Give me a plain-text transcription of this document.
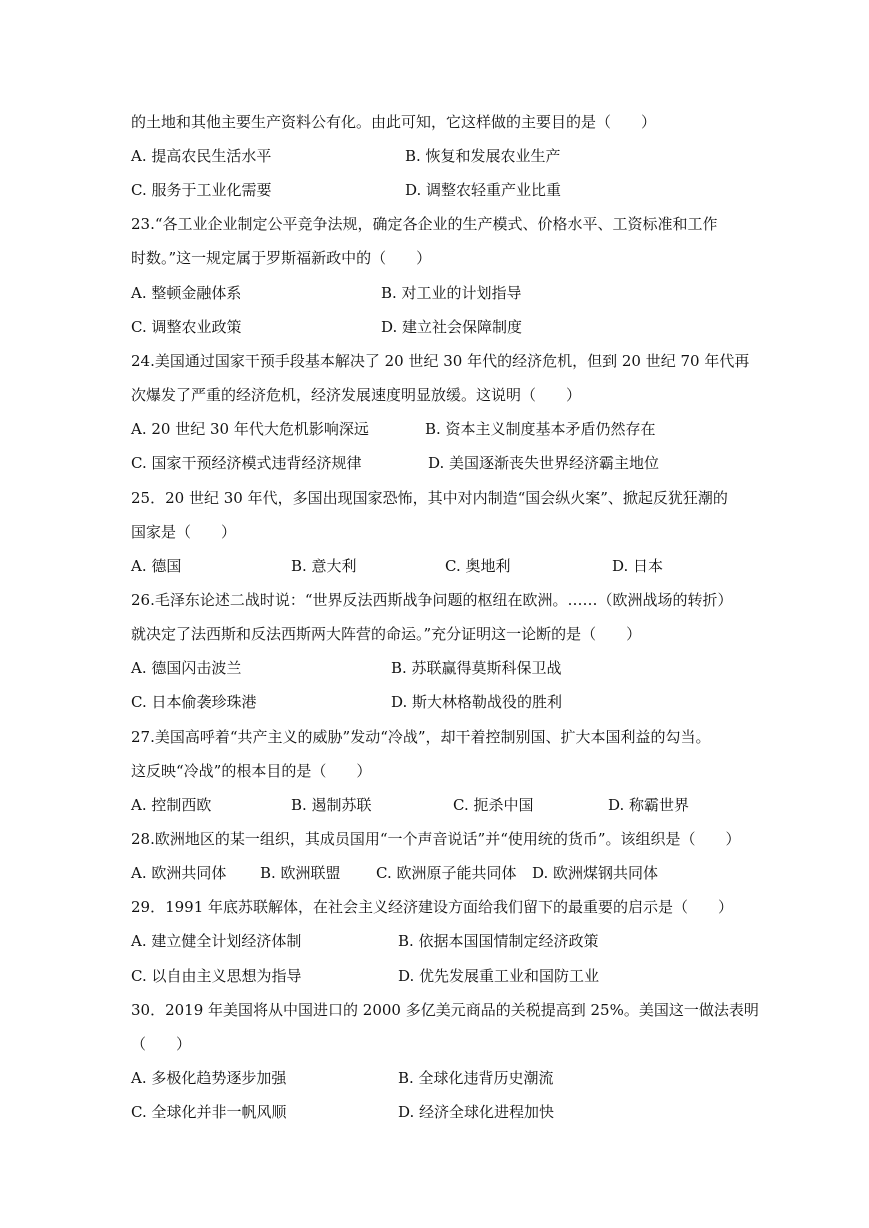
的土地和其他主要生产资料公有化。由此可知，它这样做的主要目的是（　　）
A. 提高农民生活水平	B. 恢复和发展农业生产
C. 服务于工业化需要	D. 调整农轻重产业比重
23.“各工业企业制定公平竞争法规，确定各企业的生产模式、价格水平、工资标准和工作
时数。”这一规定属于罗斯福新政中的（　　）
A. 整顿金融体系	B. 对工业的计划指导
C. 调整农业政策	D. 建立社会保障制度
24.美国通过国家干预手段基本解决了 20 世纪 30 年代的经济危机，但到 20 世纪 70 年代再
次爆发了严重的经济危机，经济发展速度明显放缓。这说明（　　）
A. 20 世纪 30 年代大危机影响深远	B. 资本主义制度基本矛盾仍然存在
C. 国家干预经济模式违背经济规律	D. 美国逐渐丧失世界经济霸主地位
25．20 世纪 30 年代，多国出现国家恐怖，其中对内制造“国会纵火案”、掀起反犹狂潮的
国家是（　　）
A. 德国	B. 意大利	C. 奥地利	D. 日本
26.毛泽东论述二战时说：“世界反法西斯战争问题的枢纽在欧洲。……（欧洲战场的转折）
就决定了法西斯和反法西斯两大阵营的命运。”充分证明这一论断的是（　　）
A. 德国闪击波兰	B. 苏联赢得莫斯科保卫战
C. 日本偷袭珍珠港	D. 斯大林格勒战役的胜利
27.美国高呼着“共产主义的威胁”发动“冷战”，却干着控制别国、扩大本国利益的勾当。
这反映“冷战”的根本目的是（　　）
A. 控制西欧	B. 遏制苏联	C. 扼杀中国	D. 称霸世界
28.欧洲地区的某一组织，其成员国用“一个声音说话”并“使用统的货币”。该组织是（　　）
A. 欧洲共同体 B. 欧洲联盟 C. 欧洲原子能共同体 D. 欧洲煤钢共同体
29．1991 年底苏联解体，在社会主义经济建设方面给我们留下的最重要的启示是（　　）
A. 建立健全计划经济体制	B. 依据本国国情制定经济政策
C. 以自由主义思想为指导	D. 优先发展重工业和国防工业
30．2019 年美国将从中国进口的 2000 多亿美元商品的关税提高到 25%。美国这一做法表明
（　　）
A. 多极化趋势逐步加强	B. 全球化违背历史潮流
C. 全球化并非一帆风顺	D. 经济全球化进程加快
